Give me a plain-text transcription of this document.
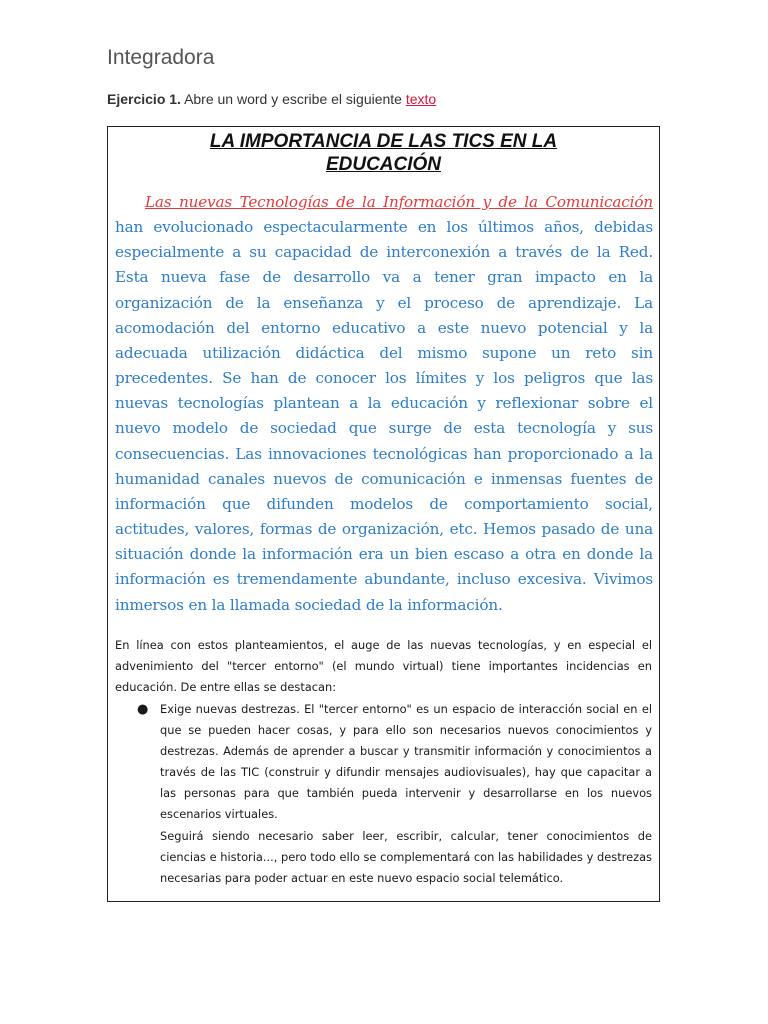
Integradora
Ejercicio 1. Abre un word y escribe el siguiente texto
LA IMPORTANCIA DE LAS TICS EN LA EDUCACIÓN
Las nuevas Tecnologías de la Información y de la Comunicación han evolucionado espectacularmente en los últimos años, debidas especialmente a su capacidad de interconexión a través de la Red. Esta nueva fase de desarrollo va a tener gran impacto en la organización de la enseñanza y el proceso de aprendizaje. La acomodación del entorno educativo a este nuevo potencial y la adecuada utilización didáctica del mismo supone un reto sin precedentes. Se han de conocer los límites y los peligros que las nuevas tecnologías plantean a la educación y reflexionar sobre el nuevo modelo de sociedad que surge de esta tecnología y sus consecuencias. Las innovaciones tecnológicas han proporcionado a la humanidad canales nuevos de comunicación e inmensas fuentes de información que difunden modelos de comportamiento social, actitudes, valores, formas de organización, etc. Hemos pasado de una situación donde la información era un bien escaso a otra en donde la información es tremendamente abundante, incluso excesiva. Vivimos inmersos en la llamada sociedad de la información.
En línea con estos planteamientos, el auge de las nuevas tecnologías, y en especial el advenimiento del "tercer entorno" (el mundo virtual) tiene importantes incidencias en educación. De entre ellas se destacan:
● Exige nuevas destrezas. El "tercer entorno" es un espacio de interacción social en el que se pueden hacer cosas, y para ello son necesarios nuevos conocimientos y destrezas. Además de aprender a buscar y transmitir información y conocimientos a través de las TIC (construir y difundir mensajes audiovisuales), hay que capacitar a las personas para que también pueda intervenir y desarrollarse en los nuevos escenarios virtuales.

Seguirá siendo necesario saber leer, escribir, calcular, tener conocimientos de ciencias e historia..., pero todo ello se complementará con las habilidades y destrezas necesarias para poder actuar en este nuevo espacio social telemático.
